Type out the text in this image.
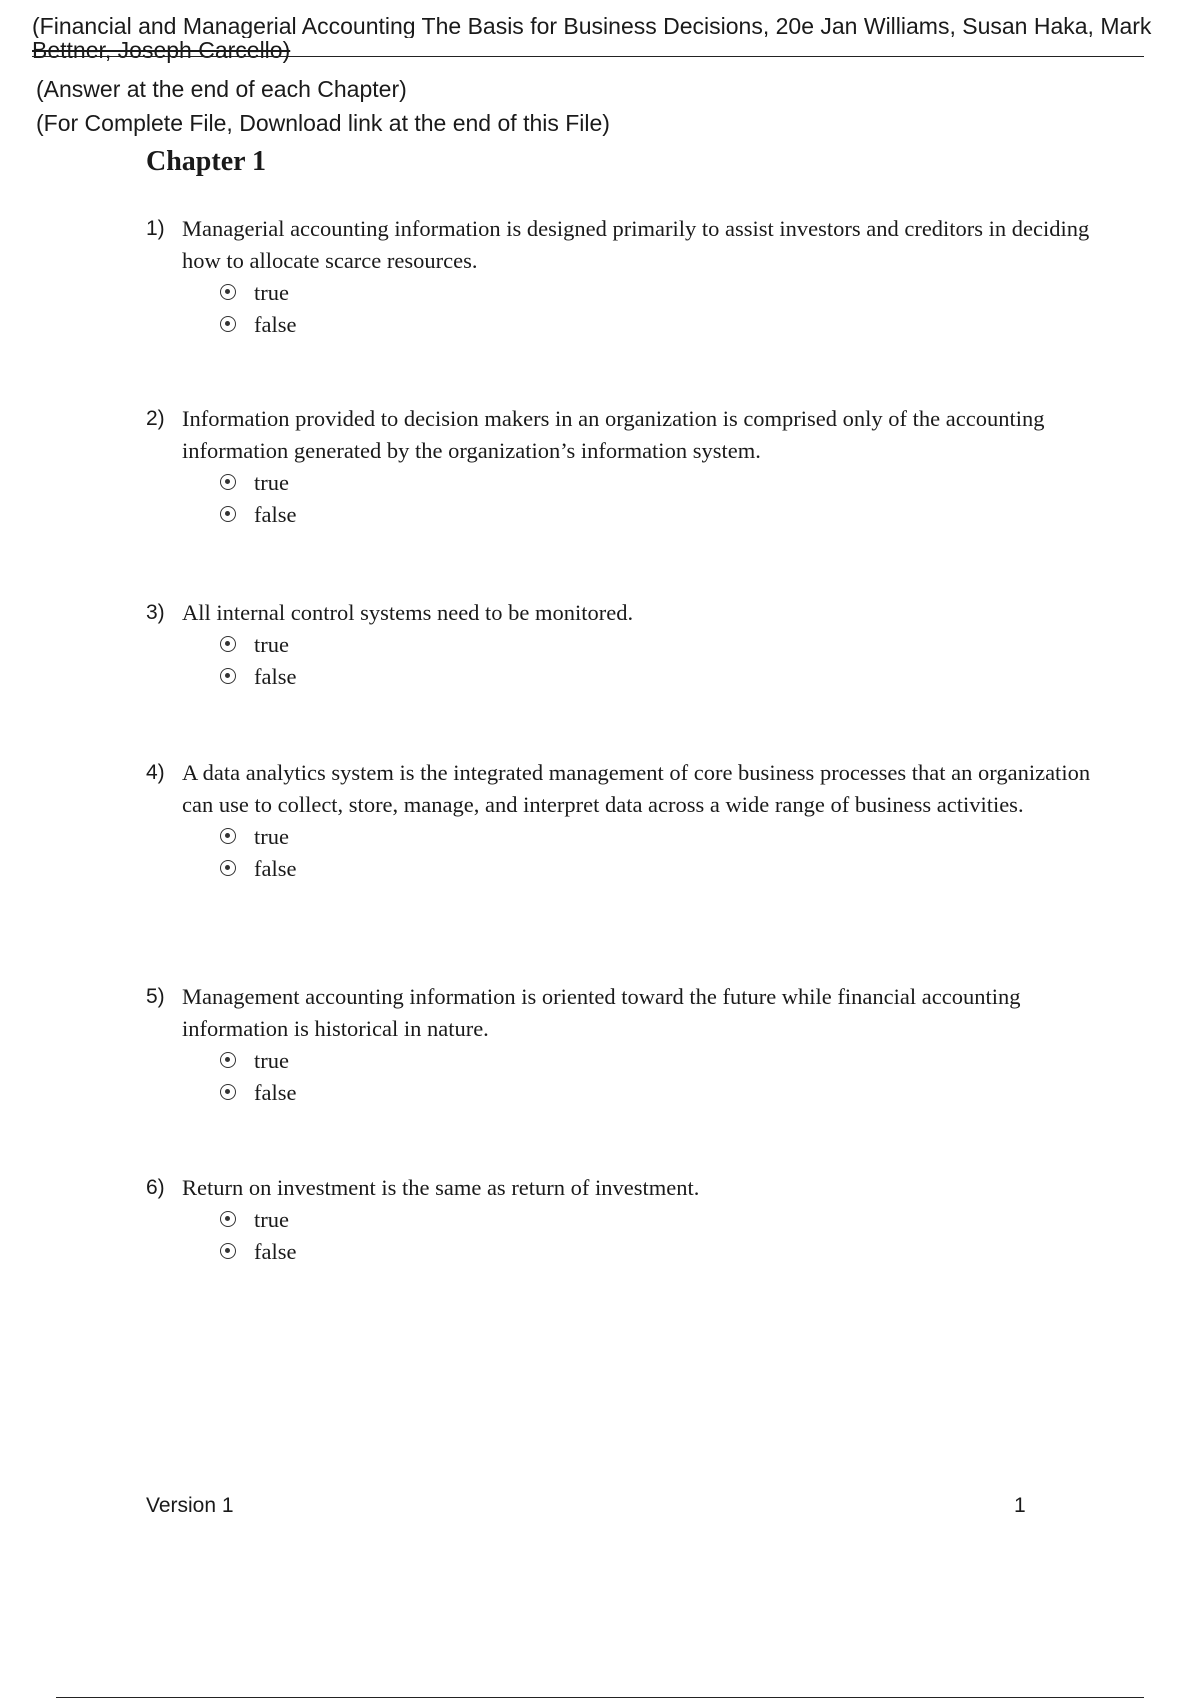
(Financial and Managerial Accounting The Basis for Business Decisions, 20e Jan Williams, Susan Haka, Mark
Bettner, Joseph Carcello)
(Answer at the end of each Chapter)
(For Complete File, Download link at the end of this File)
Chapter 1
1) Managerial accounting information is designed primarily to assist investors and creditors in deciding how to allocate scarce resources.
true
false
2) Information provided to decision makers in an organization is comprised only of the accounting information generated by the organization’s information system.
true
false
3) All internal control systems need to be monitored.
true
false
4) A data analytics system is the integrated management of core business processes that an organization can use to collect, store, manage, and interpret data across a wide range of business activities.
true
false
5) Management accounting information is oriented toward the future while financial accounting information is historical in nature.
true
false
6) Return on investment is the same as return of investment.
true
false
Version 1	1
